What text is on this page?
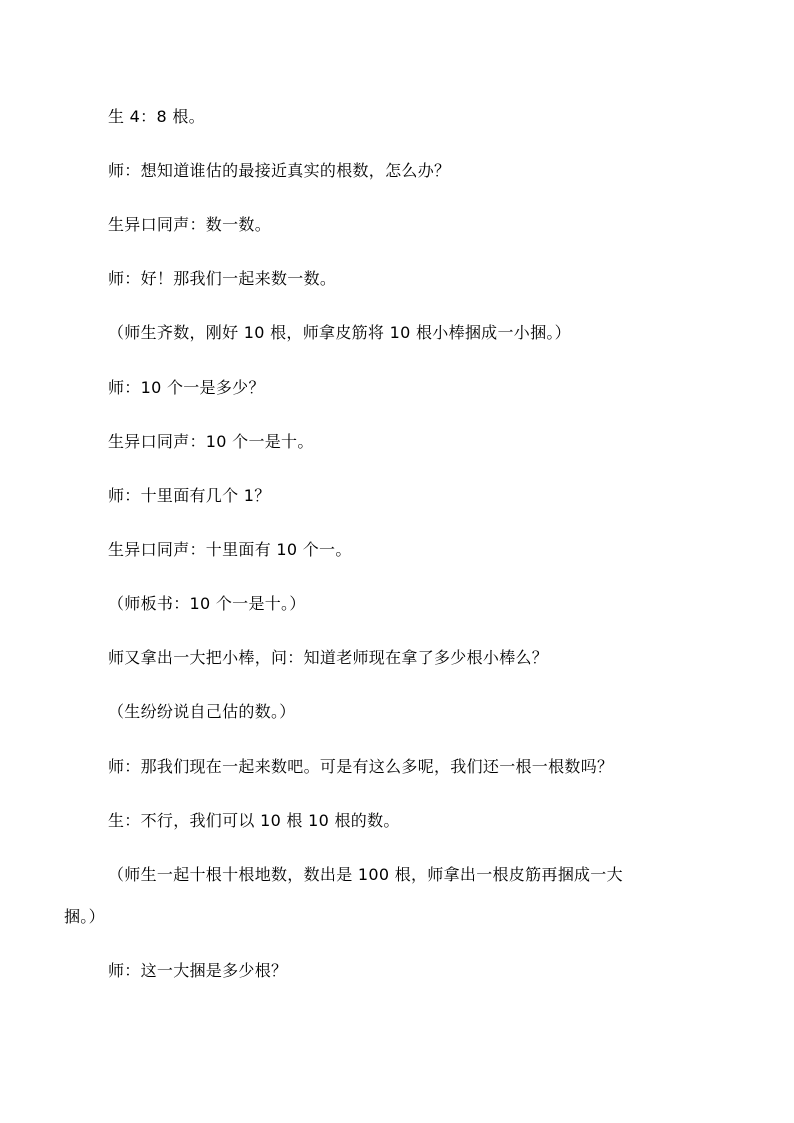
生 4：8 根。
师：想知道谁估的最接近真实的根数，怎么办？
生异口同声：数一数。
师：好！那我们一起来数一数。
（师生齐数，刚好 10 根，师拿皮筋将 10 根小棒捆成一小捆。）
师：10 个一是多少？
生异口同声：10 个一是十。
师：十里面有几个 1？
生异口同声：十里面有 10 个一。
（师板书：10 个一是十。）
师又拿出一大把小棒，问：知道老师现在拿了多少根小棒么？
（生纷纷说自己估的数。）
师：那我们现在一起来数吧。可是有这么多呢，我们还一根一根数吗？
生：不行，我们可以 10 根 10 根的数。
（师生一起十根十根地数，数出是 100 根，师拿出一根皮筋再捆成一大
捆。）
师：这一大捆是多少根？
